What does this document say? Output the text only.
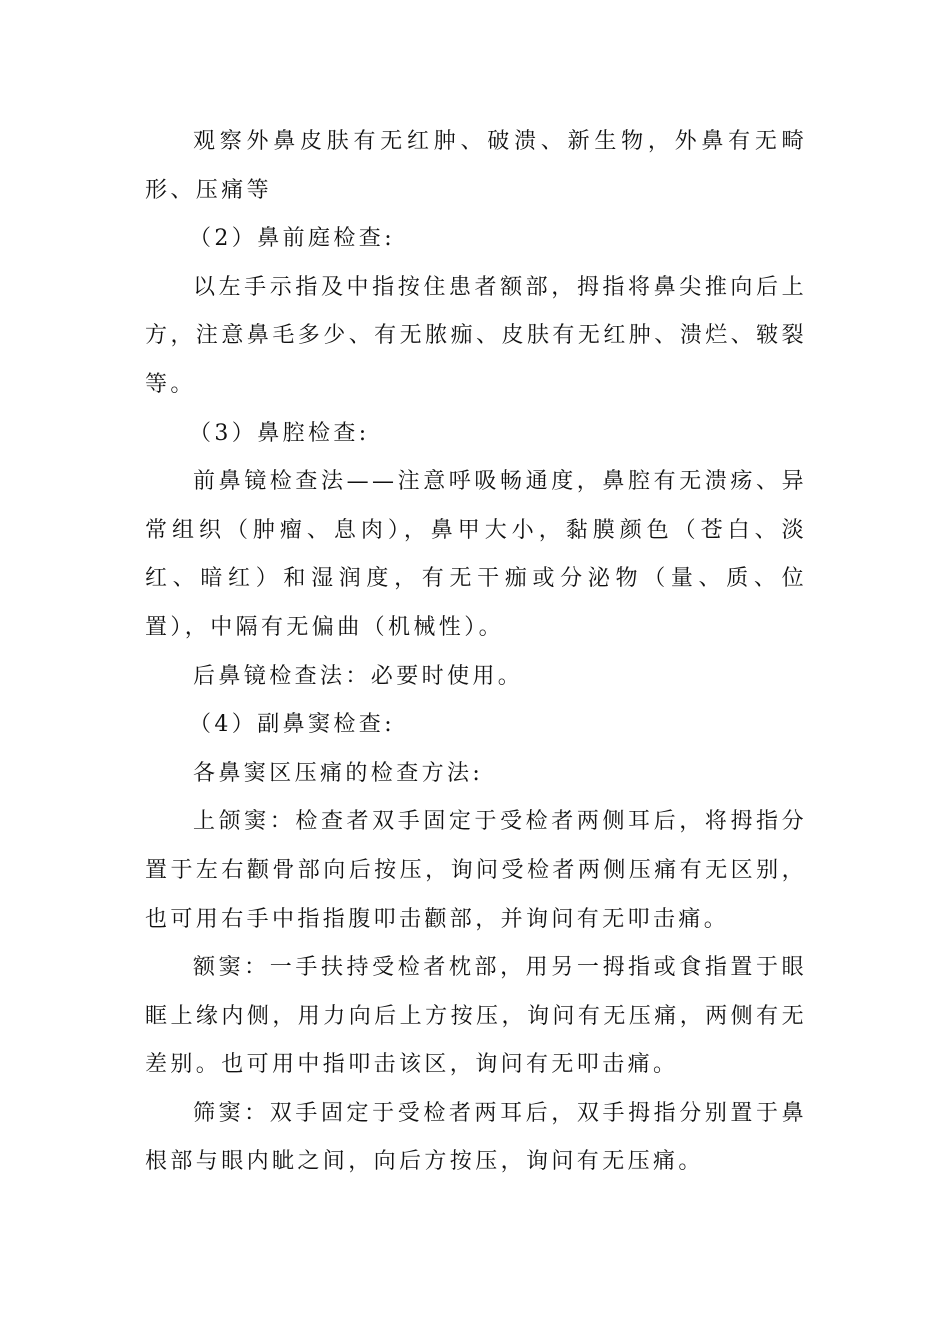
观察外鼻皮肤有无红肿、破溃、新生物，外鼻有无畸形、压痛等

（2）鼻前庭检查:

以左手示指及中指按住患者额部，拇指将鼻尖推向后上方，注意鼻毛多少、有无脓痂、皮肤有无红肿、溃烂、皲裂等。

（3）鼻腔检查:

前鼻镜检查法——注意呼吸畅通度，鼻腔有无溃疡、异常组织（肿瘤、息肉），鼻甲大小，黏膜颜色（苍白、淡红、暗红）和湿润度，有无干痂或分泌物（量、质、位置），中隔有无偏曲（机械性）。

后鼻镜检查法：必要时使用。

（4）副鼻窦检查:

各鼻窦区压痛的检查方法:

上颌窦：检查者双手固定于受检者两侧耳后，将拇指分置于左右颧骨部向后按压，询问受检者两侧压痛有无区别，也可用右手中指指腹叩击颧部，并询问有无叩击痛。

额窦：一手扶持受检者枕部，用另一拇指或食指置于眼眶上缘内侧，用力向后上方按压，询问有无压痛，两侧有无差别。也可用中指叩击该区，询问有无叩击痛。

筛窦：双手固定于受检者两耳后，双手拇指分别置于鼻根部与眼内眦之间，向后方按压，询问有无压痛。
